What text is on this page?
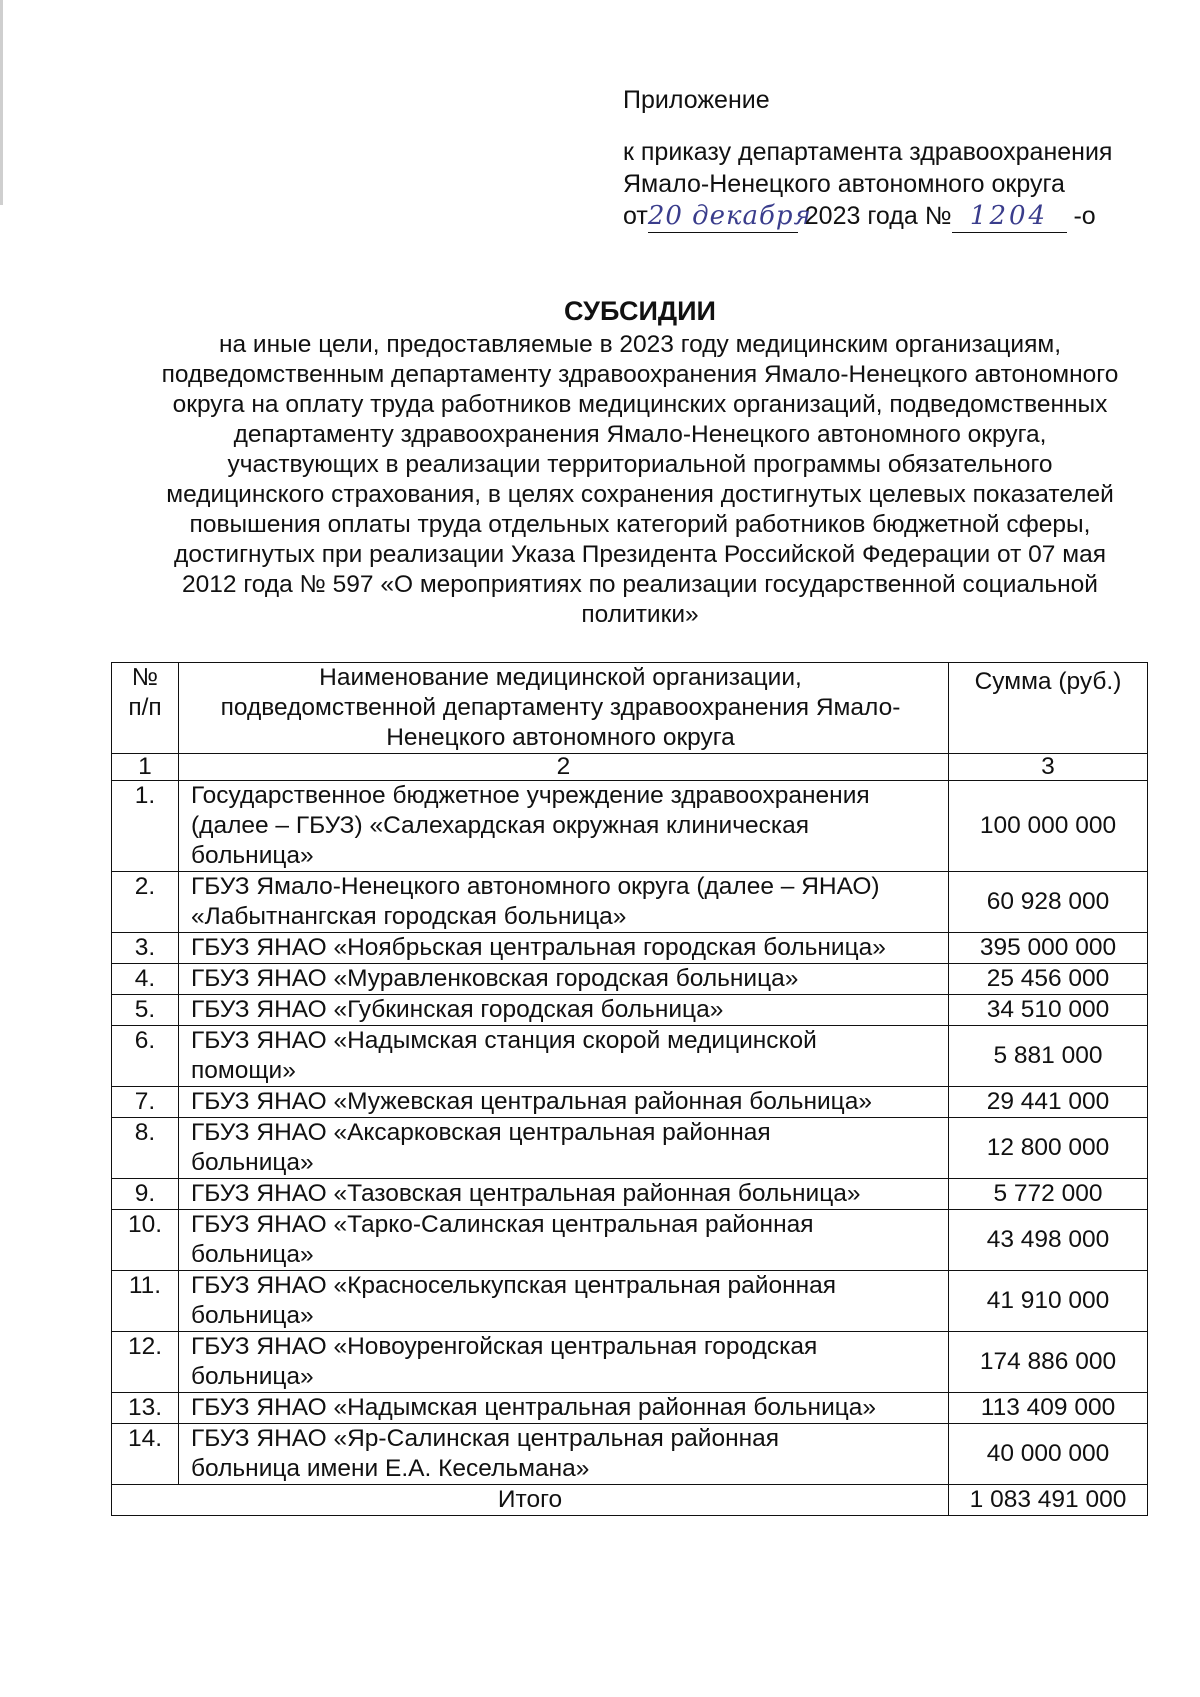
Приложение
к приказу департамента здравоохранения
Ямало-Ненецкого автономного округа
от20 декабря 2023 года № 1204 -о
СУБСИДИИ
на иные цели, предоставляемые в 2023 году медицинским организациям,
подведомственным департаменту здравоохранения Ямало-Ненецкого автономного
округа на оплату труда работников медицинских организаций, подведомственных
департаменту здравоохранения Ямало-Ненецкого автономного округа,
участвующих в реализации территориальной программы обязательного
медицинского страхования, в целях сохранения достигнутых целевых показателей
повышения оплаты труда отдельных категорий работников бюджетной сферы,
достигнутых при реализации Указа Президента Российской Федерации от 07 мая
2012 года № 597 «О мероприятиях по реализации государственной социальной
политики»
№
п/п	Наименование медицинской организации,
подведомственной департаменту здравоохранения Ямало-
Ненецкого автономного округа	Сумма (руб.)
1	2	3
1.	Государственное бюджетное учреждение здравоохранения
(далее – ГБУЗ) «Салехардская окружная клиническая
больница»	100 000 000
2.	ГБУЗ Ямало-Ненецкого автономного округа (далее – ЯНАО)
«Лабытнангская городская больница»	60 928 000
3.	ГБУЗ ЯНАО «Ноябрьская центральная городская больница»	395 000 000
4.	ГБУЗ ЯНАО «Муравленковская городская больница»	25 456 000
5.	ГБУЗ ЯНАО «Губкинская городская больница»	34 510 000
6.	ГБУЗ ЯНАО «Надымская станция скорой медицинской
помощи»	5 881 000
7.	ГБУЗ ЯНАО «Мужевская центральная районная больница»	29 441 000
8.	ГБУЗ ЯНАО «Аксарковская центральная районная
больница»	12 800 000
9.	ГБУЗ ЯНАО «Тазовская центральная районная больница»	5 772 000
10.	ГБУЗ ЯНАО «Тарко-Салинская центральная районная
больница»	43 498 000
11.	ГБУЗ ЯНАО «Красноселькупская центральная районная
больница»	41 910 000
12.	ГБУЗ ЯНАО «Новоуренгойская центральная городская
больница»	174 886 000
13.	ГБУЗ ЯНАО «Надымская центральная районная больница»	113 409 000
14.	ГБУЗ ЯНАО «Яр-Салинская центральная районная
больница имени Е.А. Кесельмана»	40 000 000
Итого		1 083 491 000
